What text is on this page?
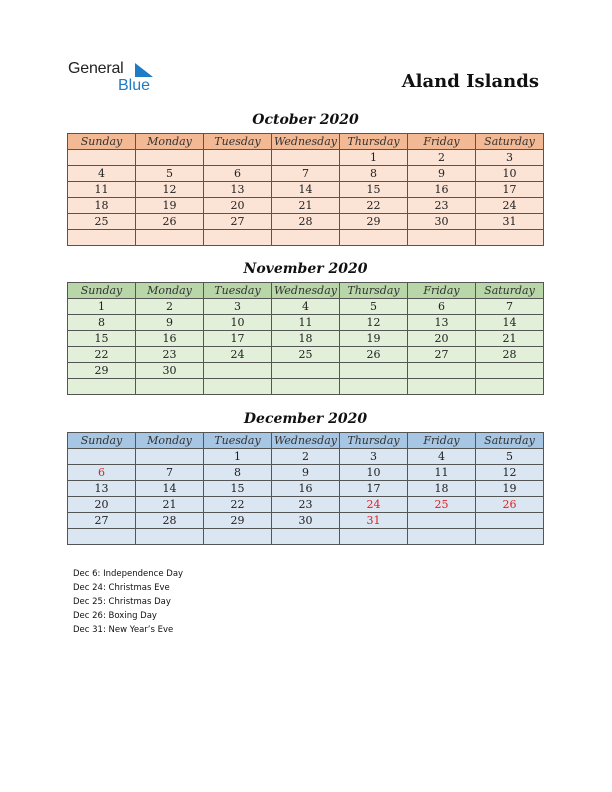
General
Blue	Aland Islands
October 2020
Sunday	Monday	Tuesday	Wednesday	Thursday	Friday	Saturday
				1	2	3
4	5	6	7	8	9	10
11	12	13	14	15	16	17
18	19	20	21	22	23	24
25	26	27	28	29	30	31

November 2020
Sunday	Monday	Tuesday	Wednesday	Thursday	Friday	Saturday
1	2	3	4	5	6	7
8	9	10	11	12	13	14
15	16	17	18	19	20	21
22	23	24	25	26	27	28
29	30					

December 2020
Sunday	Monday	Tuesday	Wednesday	Thursday	Friday	Saturday
		1	2	3	4	5
6	7	8	9	10	11	12
13	14	15	16	17	18	19
20	21	22	23	24	25	26
27	28	29	30	31		

Dec 6: Independence Day
Dec 24: Christmas Eve
Dec 25: Christmas Day
Dec 26: Boxing Day
Dec 31: New Year’s Eve
